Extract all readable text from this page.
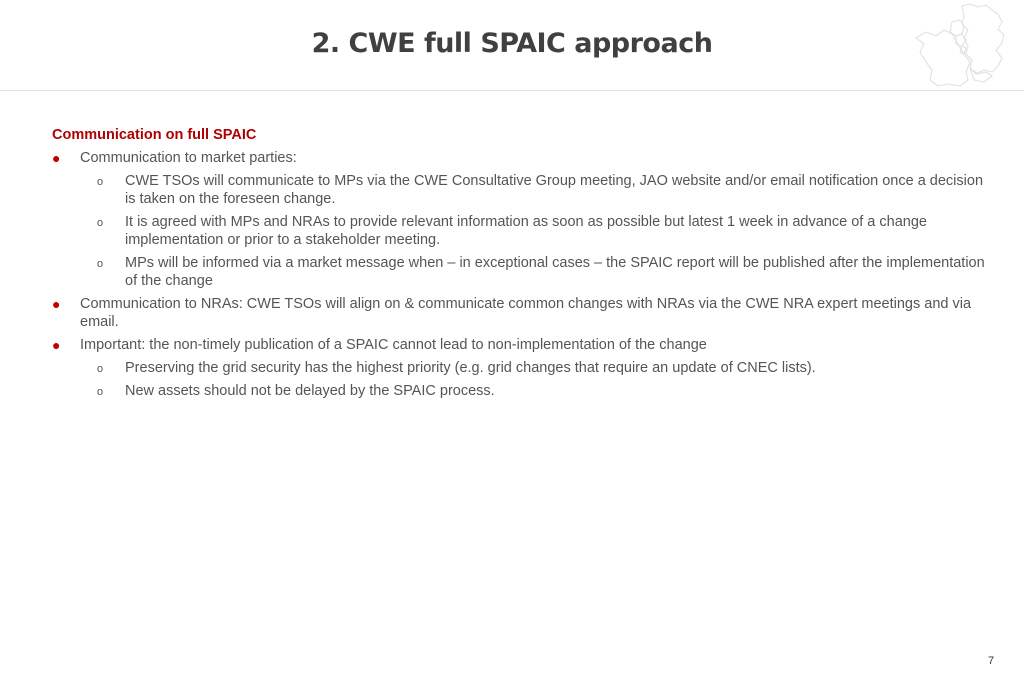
2. CWE full SPAIC approach
Communication on full SPAIC
● Communication to market parties:
o CWE TSOs will communicate to MPs via the CWE Consultative Group meeting, JAO website and/or email notification once a decision is taken on the foreseen change.
o It is agreed with MPs and NRAs to provide relevant information as soon as possible but latest 1 week in advance of a change implementation or prior to a stakeholder meeting.
o MPs will be informed via a market message when – in exceptional cases – the SPAIC report will be published after the implementation of the change
● Communication to NRAs: CWE TSOs will align on & communicate common changes with NRAs via the CWE NRA expert meetings and via email.
● Important: the non-timely publication of a SPAIC cannot lead to non-implementation of the change
o Preserving the grid security has the highest priority (e.g. grid changes that require an update of CNEC lists).
o New assets should not be delayed by the SPAIC process.
7
